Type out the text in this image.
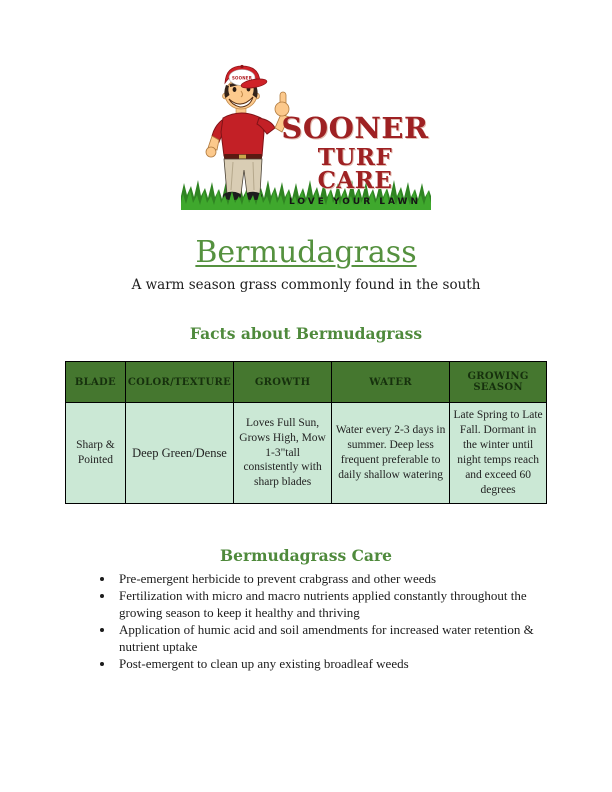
SOONER
SOONER
TURF CARE
LOVE YOUR LAWN
Bermudagrass
A warm season grass commonly found in the south
Facts about Bermudagrass
BLADE	COLOR/TEXTURE	GROWTH	WATER	GROWING SEASON
Sharp & Pointed	Deep Green/Dense	Loves Full Sun, Grows High, Mow 1-3"tall consistently with sharp blades	Water every 2-3 days in summer. Deep less frequent preferable to daily shallow watering	Late Spring to Late Fall. Dormant in the winter until night temps reach and exceed 60 degrees
Bermudagrass Care
• Pre-emergent herbicide to prevent crabgrass and other weeds
• Fertilization with micro and macro nutrients applied constantly throughout the growing season to keep it healthy and thriving
• Application of humic acid and soil amendments for increased water retention & nutrient uptake
• Post-emergent to clean up any existing broadleaf weeds
